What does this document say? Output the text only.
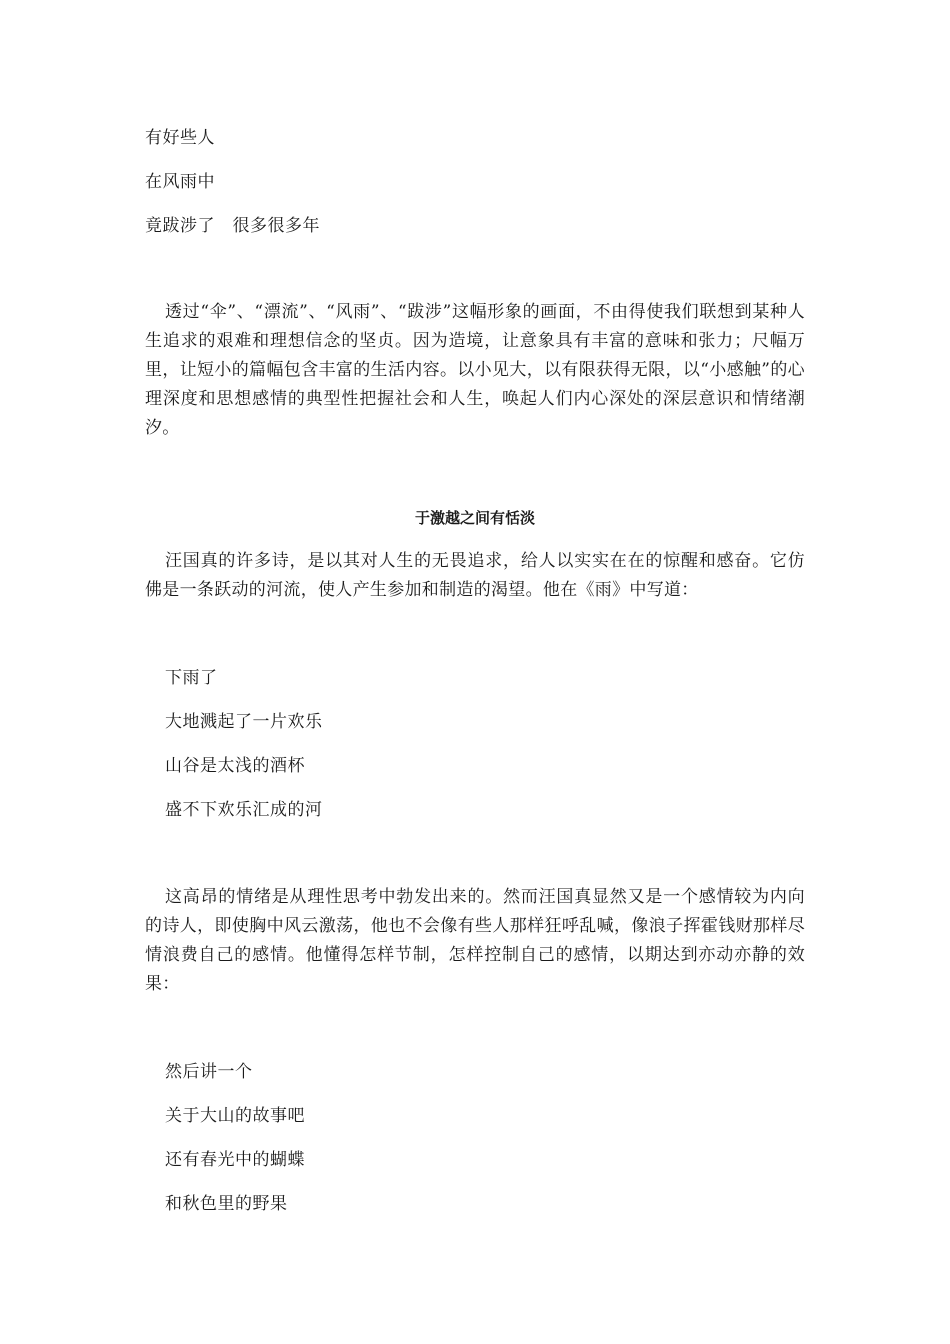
有好些人
在风雨中
竟跋涉了　很多很多年
透过“伞”、“漂流”、“风雨”、“跋涉”这幅形象的画面，不由得使我们联想到某种人生追求的艰难和理想信念的坚贞。因为造境，让意象具有丰富的意味和张力；尺幅万里，让短小的篇幅包含丰富的生活内容。以小见大，以有限获得无限，以“小感触”的心理深度和思想感情的典型性把握社会和人生，唤起人们内心深处的深层意识和情绪潮汐。
于激越之间有恬淡
汪国真的许多诗，是以其对人生的无畏追求，给人以实实在在的惊醒和感奋。它仿佛是一条跃动的河流，使人产生参加和制造的渴望。他在《雨》中写道：
下雨了
大地溅起了一片欢乐
山谷是太浅的酒杯
盛不下欢乐汇成的河
这高昂的情绪是从理性思考中勃发出来的。然而汪国真显然又是一个感情较为内向的诗人，即使胸中风云激荡，他也不会像有些人那样狂呼乱喊，像浪子挥霍钱财那样尽情浪费自己的感情。他懂得怎样节制，怎样控制自己的感情，以期达到亦动亦静的效果：
然后讲一个
关于大山的故事吧
还有春光中的蝴蝶
和秋色里的野果
